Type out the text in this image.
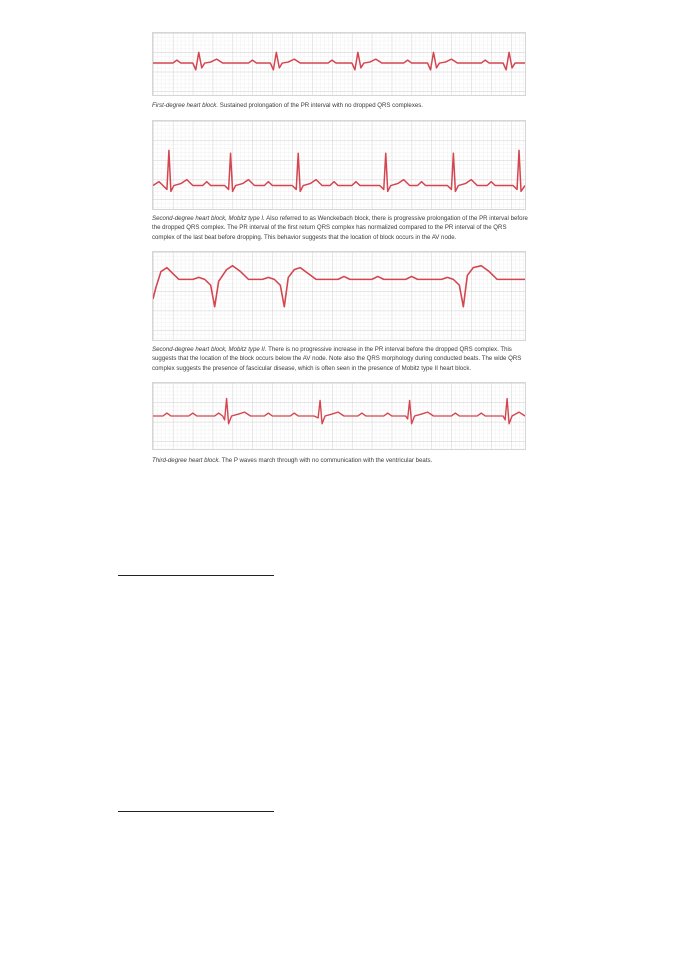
First-degree heart block. Sustained prolongation of the PR interval with no dropped QRS complexes.

Second-degree heart block, Mobitz type I. Also referred to as Wenckebach block, there is progressive prolongation of the PR interval before the dropped QRS complex. The PR interval of the first return QRS complex has normalized compared to the PR interval of the QRS complex of the last beat before dropping. This behavior suggests that the location of block occurs in the AV node.

Second-degree heart block, Mobitz type II. There is no progressive increase in the PR interval before the dropped QRS complex. This suggests that the location of the block occurs below the AV node. Note also the QRS morphology during conducted beats. The wide QRS complex suggests the presence of fascicular disease, which is often seen in the presence of Mobitz type II heart block.

Third-degree heart block. The P waves march through with no communication with the ventricular beats.
